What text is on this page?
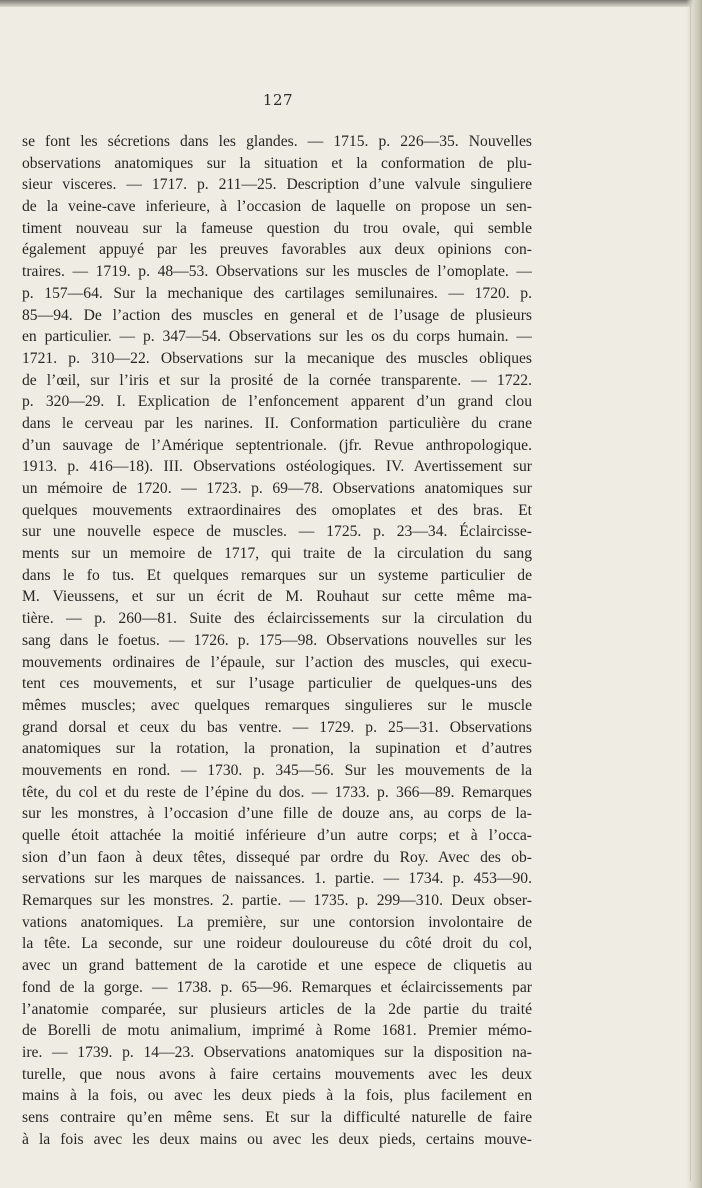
127
se font les sécretions dans les glandes. — 1715. p. 226—35. Nouvelles
observations anatomiques sur la situation et la conformation de plu-
sieur visceres. — 1717. p. 211—25. Description d’une valvule singuliere
de la veine-cave inferieure, à l’occasion de laquelle on propose un sen-
timent nouveau sur la fameuse question du trou ovale, qui semble
également appuyé par les preuves favorables aux deux opinions con-
traires. — 1719. p. 48—53. Observations sur les muscles de l’omoplate. —
p. 157—64. Sur la mechanique des cartilages semilunaires. — 1720. p.
85—94. De l’action des muscles en general et de l’usage de plusieurs
en particulier. — p. 347—54. Observations sur les os du corps humain. —
1721. p. 310—22. Observations sur la mecanique des muscles obliques
de l’œil, sur l’iris et sur la prosité de la cornée transparente. — 1722.
p. 320—29. I. Explication de l’enfoncement apparent d’un grand clou
dans le cerveau par les narines. II. Conformation particulière du crane
d’un sauvage de l’Amérique septentrionale. (jfr. Revue anthropologique.
1913. p. 416—18). III. Observations ostéologiques. IV. Avertissement sur
un mémoire de 1720. — 1723. p. 69—78. Observations anatomiques sur
quelques mouvements extraordinaires des omoplates et des bras. Et
sur une nouvelle espece de muscles. — 1725. p. 23—34. Éclaircisse-
ments sur un memoire de 1717, qui traite de la circulation du sang
dans le fo tus. Et quelques remarques sur un systeme particulier de
M. Vieussens, et sur un écrit de M. Rouhaut sur cette même ma-
tière. — p. 260—81. Suite des éclaircissements sur la circulation du
sang dans le foetus. — 1726. p. 175—98. Observations nouvelles sur les
mouvements ordinaires de l’épaule, sur l’action des muscles, qui execu-
tent ces mouvements, et sur l’usage particulier de quelques-uns des
mêmes muscles; avec quelques remarques singulieres sur le muscle
grand dorsal et ceux du bas ventre. — 1729. p. 25—31. Observations
anatomiques sur la rotation, la pronation, la supination et d’autres
mouvements en rond. — 1730. p. 345—56. Sur les mouvements de la
tête, du col et du reste de l’épine du dos. — 1733. p. 366—89. Remarques
sur les monstres, à l’occasion d’une fille de douze ans, au corps de la-
quelle étoit attachée la moitié inférieure d’un autre corps; et à l’occa-
sion d’un faon à deux têtes, dissequé par ordre du Roy. Avec des ob-
servations sur les marques de naissances. 1. partie. — 1734. p. 453—90.
Remarques sur les monstres. 2. partie. — 1735. p. 299—310. Deux obser-
vations anatomiques. La première, sur une contorsion involontaire de
la tête. La seconde, sur une roideur douloureuse du côté droit du col,
avec un grand battement de la carotide et une espece de cliquetis au
fond de la gorge. — 1738. p. 65—96. Remarques et éclaircissements par
l’anatomie comparée, sur plusieurs articles de la 2de partie du traité
de Borelli de motu animalium, imprimé à Rome 1681. Premier mémo-
ire. — 1739. p. 14—23. Observations anatomiques sur la disposition na-
turelle, que nous avons à faire certains mouvements avec les deux
mains à la fois, ou avec les deux pieds à la fois, plus facilement en
sens contraire qu’en même sens. Et sur la difficulté naturelle de faire
à la fois avec les deux mains ou avec les deux pieds, certains mouve-
